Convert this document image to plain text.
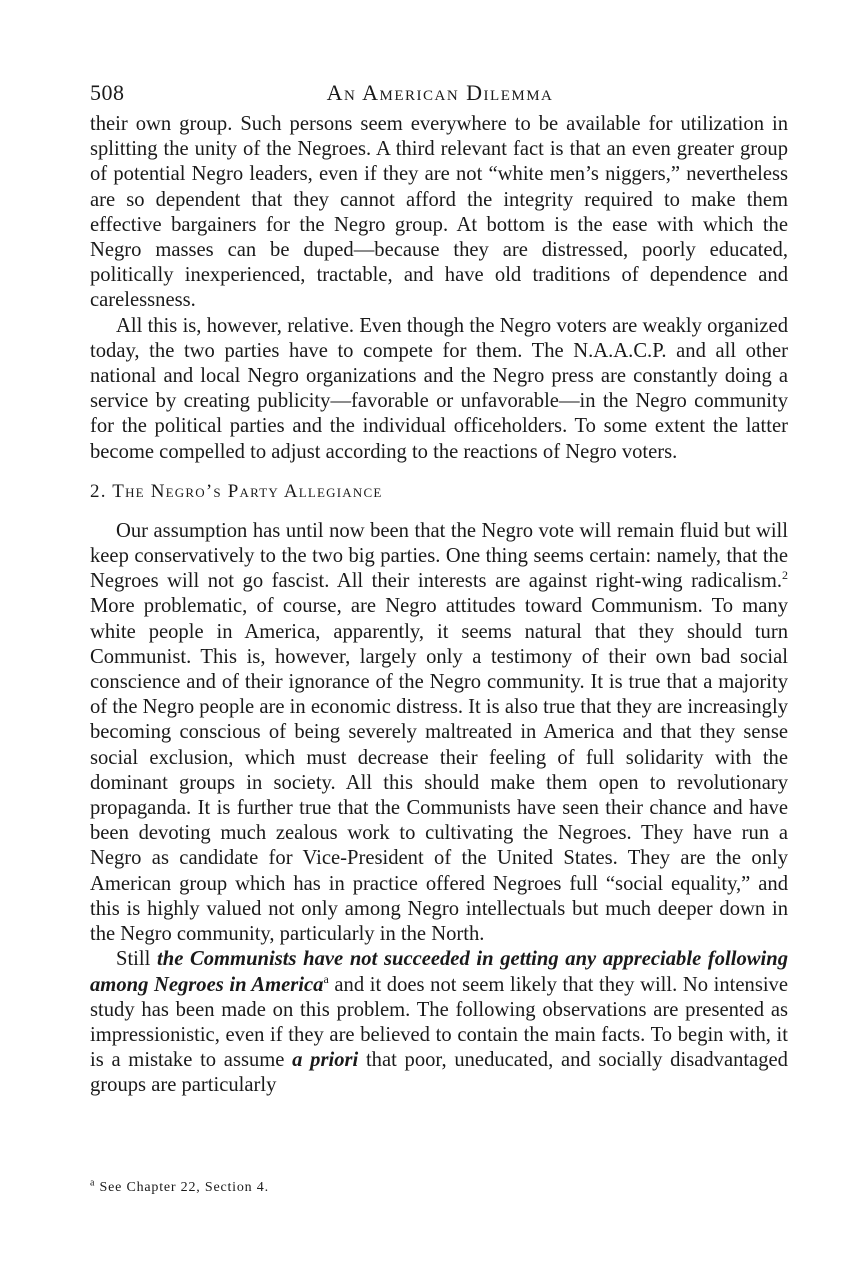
508	An American Dilemma

their own group. Such persons seem everywhere to be available for utilization in splitting the unity of the Negroes. A third relevant fact is that an even greater group of potential Negro leaders, even if they are not “white men’s niggers,” nevertheless are so dependent that they cannot afford the integrity required to make them effective bargainers for the Negro group. At bottom is the ease with which the Negro masses can be duped—because they are distressed, poorly educated, politically inexperienced, tractable, and have old traditions of dependence and carelessness.

All this is, however, relative. Even though the Negro voters are weakly organized today, the two parties have to compete for them. The N.A.A.C.P. and all other national and local Negro organizations and the Negro press are constantly doing a service by creating publicity—favorable or unfavorable—in the Negro community for the political parties and the individual officeholders. To some extent the latter become compelled to adjust according to the reactions of Negro voters.

2. The Negro’s Party Allegiance

Our assumption has until now been that the Negro vote will remain fluid but will keep conservatively to the two big parties. One thing seems certain: namely, that the Negroes will not go fascist. All their interests are against right-wing radicalism.$^2$ More problematic, of course, are Negro attitudes toward Communism. To many white people in America, apparently, it seems natural that they should turn Communist. This is, however, largely only a testimony of their own bad social conscience and of their ignorance of the Negro community. It is true that a majority of the Negro people are in economic distress. It is also true that they are increasingly becoming conscious of being severely maltreated in America and that they sense social exclusion, which must decrease their feeling of full solidarity with the dominant groups in society. All this should make them open to revolutionary propaganda. It is further true that the Communists have seen their chance and have been devoting much zealous work to cultivating the Negroes. They have run a Negro as candidate for Vice-President of the United States. They are the only American group which has in practice offered Negroes full “social equality,” and this is highly valued not only among Negro intellectuals but much deeper down in the Negro community, particularly in the North.

Still the Communists have not succeeded in getting any appreciable following among Negroes in America$^a$ and it does not seem likely that they will. No intensive study has been made on this problem. The following observations are presented as impressionistic, even if they are believed to contain the main facts. To begin with, it is a mistake to assume a priori that poor, uneducated, and socially disadvantaged groups are particularly

$^a$ See Chapter 22, Section 4.
